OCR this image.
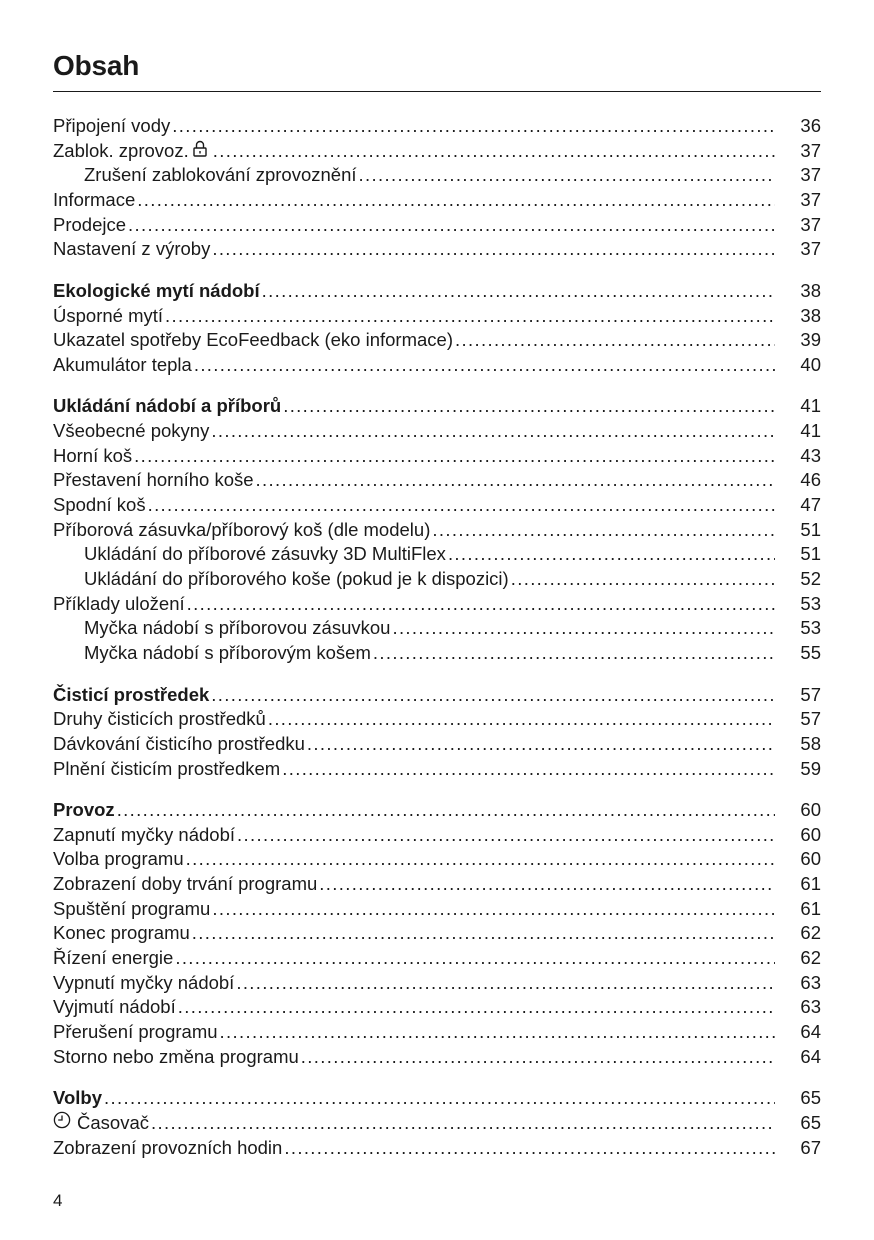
Obsah
Připojení vody .....	36
Zablok. zprovoz. .....	37
Zrušení zablokování zprovoznění .....	37
Informace .....	37
Prodejce .....	37
Nastavení z výroby .....	37
Ekologické mytí nádobí .....	38
Úsporné mytí .....	38
Ukazatel spotřeby EcoFeedback (eko informace) .....	39
Akumulátor tepla .....	40
Ukládání nádobí a příborů .....	41
Všeobecné pokyny .....	41
Horní koš .....	43
Přestavení horního koše .....	46
Spodní koš .....	47
Příborová zásuvka/příborový koš (dle modelu) .....	51
Ukládání do příborové zásuvky 3D MultiFlex .....	51
Ukládání do příborového koše (pokud je k dispozici) .....	52
Příklady uložení .....	53
Myčka nádobí s příborovou zásuvkou .....	53
Myčka nádobí s příborovým košem .....	55
Čisticí prostředek .....	57
Druhy čisticích prostředků .....	57
Dávkování čisticího prostředku .....	58
Plnění čisticím prostředkem .....	59
Provoz .....	60
Zapnutí myčky nádobí .....	60
Volba programu .....	60
Zobrazení doby trvání programu .....	61
Spuštění programu .....	61
Konec programu .....	62
Řízení energie .....	62
Vypnutí myčky nádobí .....	63
Vyjmutí nádobí .....	63
Přerušení programu .....	64
Storno nebo změna programu .....	64
Volby .....	65
Časovač .....	65
Zobrazení provozních hodin .....	67
4
